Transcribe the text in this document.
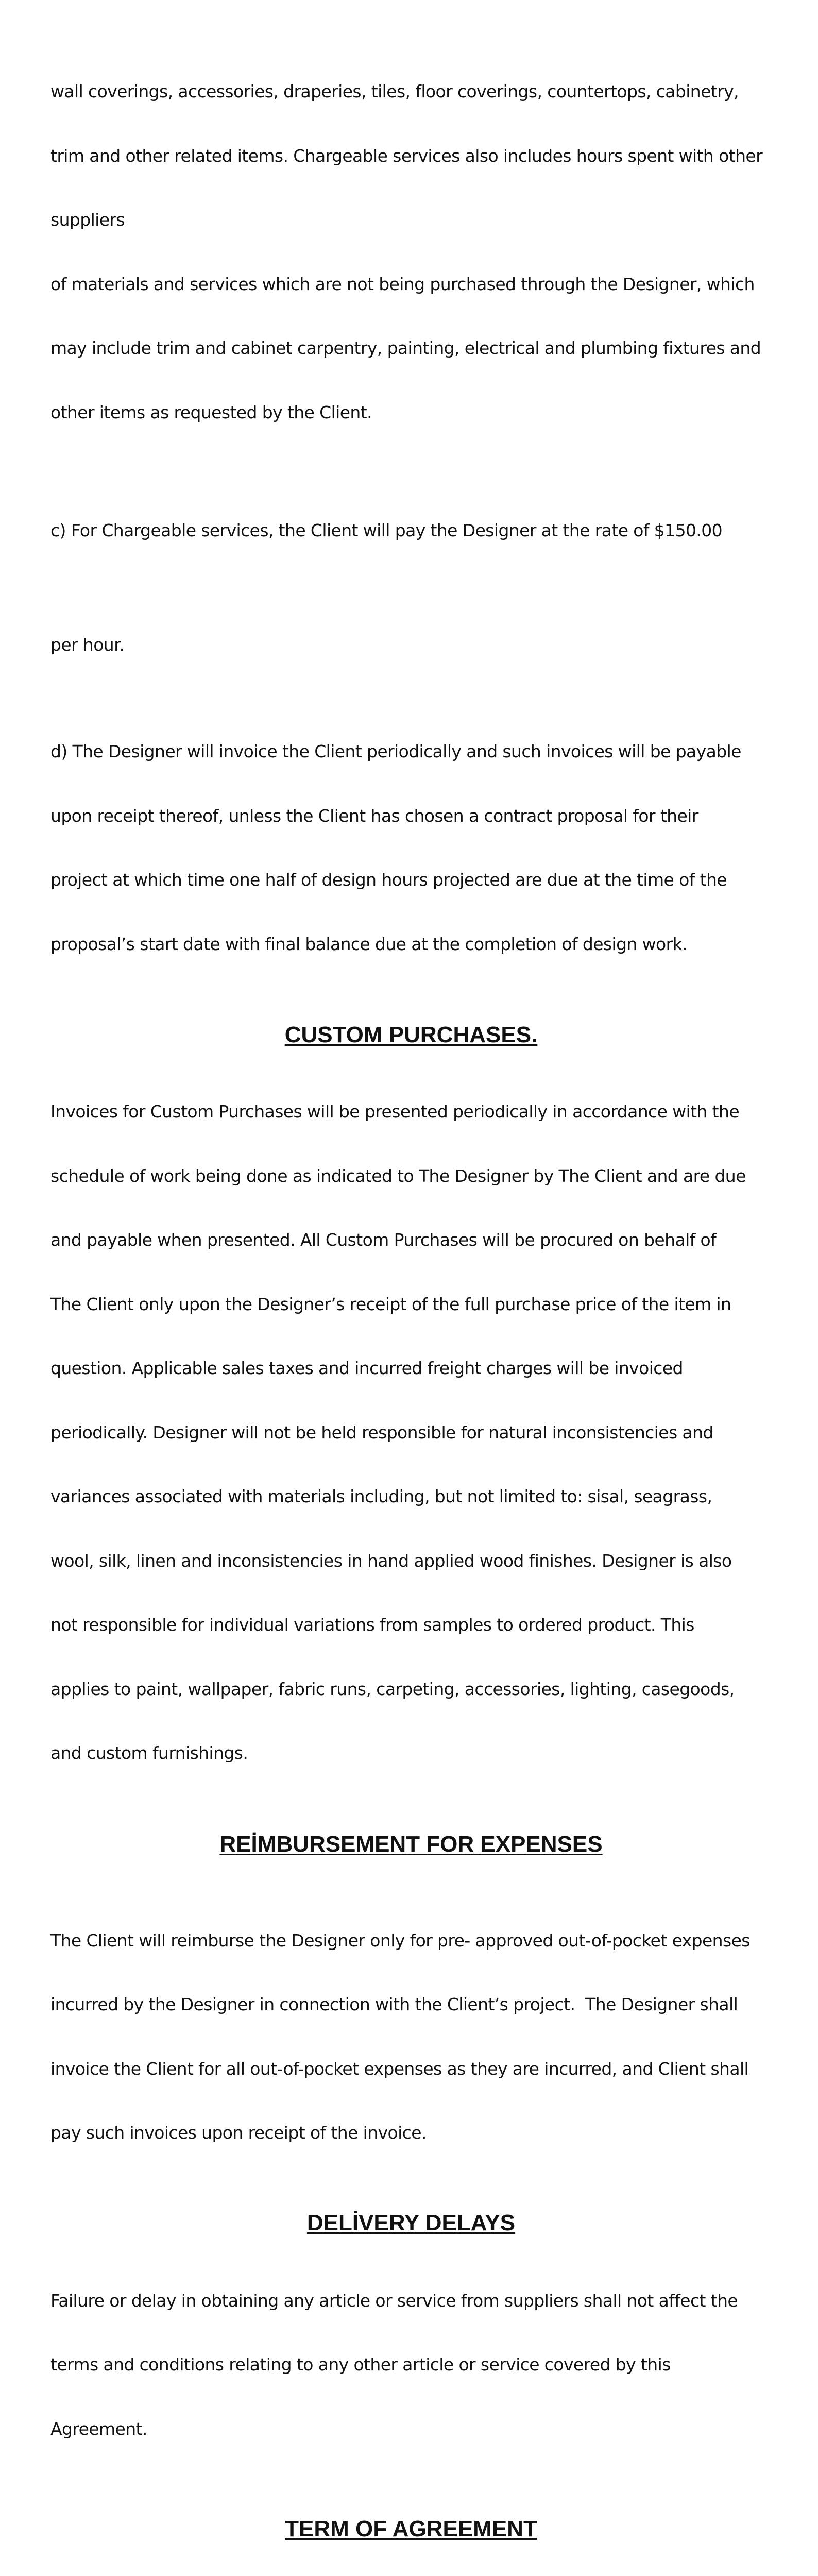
wall coverings, accessories, draperies, tiles, floor coverings, countertops, cabinetry,

trim and other related items. Chargeable services also includes hours spent with other

suppliers

of materials and services which are not being purchased through the Designer, which

may include trim and cabinet carpentry, painting, electrical and plumbing fixtures and

other items as requested by the Client.

c) For Chargeable services, the Client will pay the Designer at the rate of $150.00

per hour.

d) The Designer will invoice the Client periodically and such invoices will be payable

upon receipt thereof, unless the Client has chosen a contract proposal for their

project at which time one half of design hours projected are due at the time of the

proposal’s start date with final balance due at the completion of design work.

CUSTOM PURCHASES.

Invoices for Custom Purchases will be presented periodically in accordance with the

schedule of work being done as indicated to The Designer by The Client and are due

and payable when presented. All Custom Purchases will be procured on behalf of

The Client only upon the Designer’s receipt of the full purchase price of the item in

question. Applicable sales taxes and incurred freight charges will be invoiced

periodically. Designer will not be held responsible for natural inconsistencies and

variances associated with materials including, but not limited to: sisal, seagrass,

wool, silk, linen and inconsistencies in hand applied wood finishes. Designer is also

not responsible for individual variations from samples to ordered product. This

applies to paint, wallpaper, fabric runs, carpeting, accessories, lighting, casegoods,

and custom furnishings.

REİMBURSEMENT FOR EXPENSES

The Client will reimburse the Designer only for pre- approved out-of-pocket expenses

incurred by the Designer in connection with the Client’s project.  The Designer shall

invoice the Client for all out-of-pocket expenses as they are incurred, and Client shall

pay such invoices upon receipt of the invoice.

DELİVERY DELAYS

Failure or delay in obtaining any article or service from suppliers shall not affect the

terms and conditions relating to any other article or service covered by this

Agreement.

TERM OF AGREEMENT
